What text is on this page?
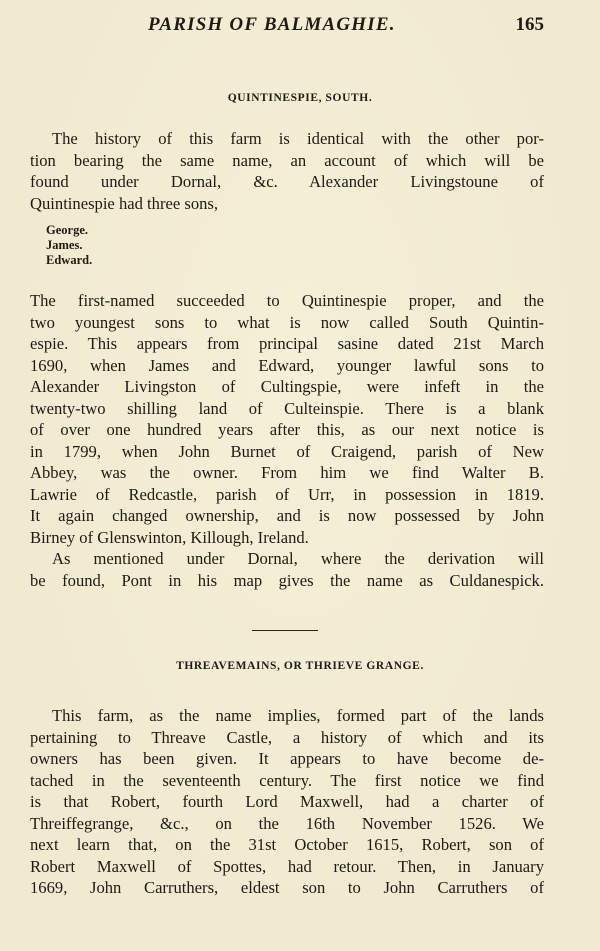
PARISH OF BALMAGHIE.	165
QUINTINESPIE, SOUTH.

The history of this farm is identical with the other por-
tion bearing the same name, an account of which will be
found under Dornal, &c. Alexander Livingstoune of
Quintinespie had three sons,

George.
James.
Edward.

The first-named succeeded to Quintinespie proper, and the
two youngest sons to what is now called South Quintin-
espie. This appears from principal sasine dated 21st March
1690, when James and Edward, younger lawful sons to
Alexander Livingston of Cultingspie, were infeft in the
twenty-two shilling land of Culteinspie. There is a blank
of over one hundred years after this, as our next notice is
in 1799, when John Burnet of Craigend, parish of New
Abbey, was the owner. From him we find Walter B.
Lawrie of Redcastle, parish of Urr, in possession in 1819.
It again changed ownership, and is now possessed by John
Birney of Glenswinton, Killough, Ireland.

As mentioned under Dornal, where the derivation will
be found, Pont in his map gives the name as Culdanespick.

THREAVEMAINS, OR THRIEVE GRANGE.

This farm, as the name implies, formed part of the lands
pertaining to Threave Castle, a history of which and its
owners has been given. It appears to have become de-
tached in the seventeenth century. The first notice we find
is that Robert, fourth Lord Maxwell, had a charter of
Threiffegrange, &c., on the 16th November 1526. We
next learn that, on the 31st October 1615, Robert, son of
Robert Maxwell of Spottes, had retour. Then, in January
1669, John Carruthers, eldest son to John Carruthers of
